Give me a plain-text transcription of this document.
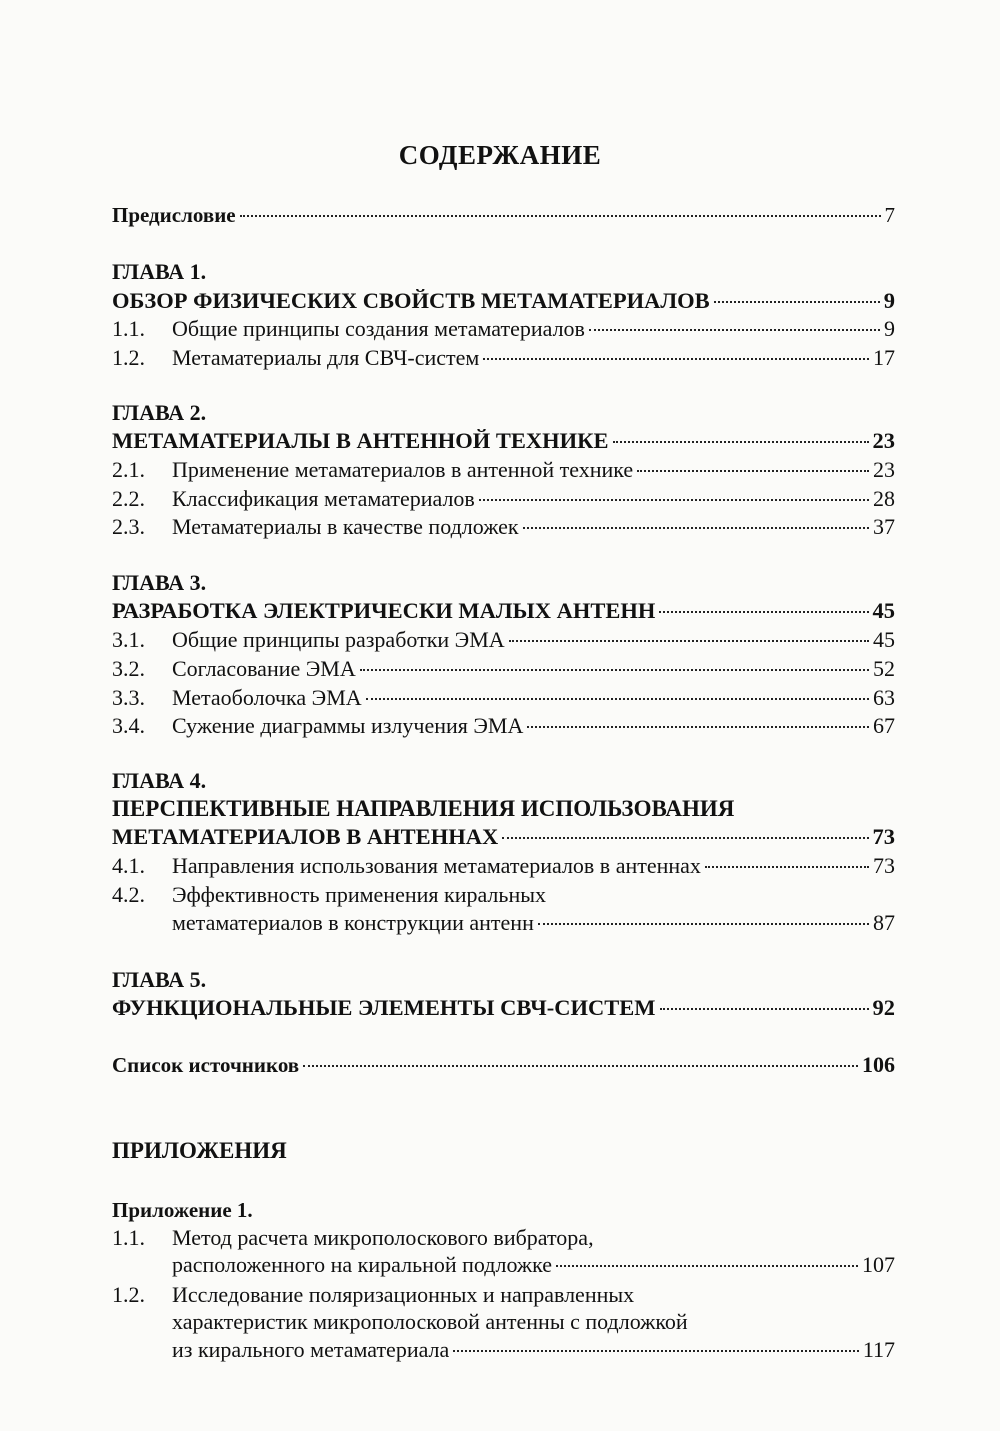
СОДЕРЖАНИЕ
Предисловие	7
ГЛАВА 1.
ОБЗОР ФИЗИЧЕСКИХ СВОЙСТВ МЕТАМАТЕРИАЛОВ	9
1.1.	Общие принципы создания метаматериалов	9
1.2.	Метаматериалы для СВЧ-систем	17
ГЛАВА 2.
МЕТАМАТЕРИАЛЫ В АНТЕННОЙ ТЕХНИКЕ	23
2.1.	Применение метаматериалов в антенной технике	23
2.2.	Классификация метаматериалов	28
2.3.	Метаматериалы в качестве подложек	37
ГЛАВА 3.
РАЗРАБОТКА ЭЛЕКТРИЧЕСКИ МАЛЫХ АНТЕНН	45
3.1.	Общие принципы разработки ЭМА	45
3.2.	Согласование ЭМА	52
3.3.	Метаоболочка ЭМА	63
3.4.	Сужение диаграммы излучения ЭМА	67
ГЛАВА 4.
ПЕРСПЕКТИВНЫЕ НАПРАВЛЕНИЯ ИСПОЛЬЗОВАНИЯ
МЕТАМАТЕРИАЛОВ В АНТЕННАХ	73
4.1.	Направления использования метаматериалов в антеннах	73
4.2. Эффективность применения киральных
метаматериалов в конструкции антенн	87
ГЛАВА 5.
ФУНКЦИОНАЛЬНЫЕ ЭЛЕМЕНТЫ СВЧ-СИСТЕМ	92
Список источников	106
ПРИЛОЖЕНИЯ
Приложение 1.
1.1. Метод расчета микрополоскового вибратора,
расположенного на киральной подложке	107
1.2. Исследование поляризационных и направленных
характеристик микрополосковой антенны с подложкой
из кирального метаматериала	117
